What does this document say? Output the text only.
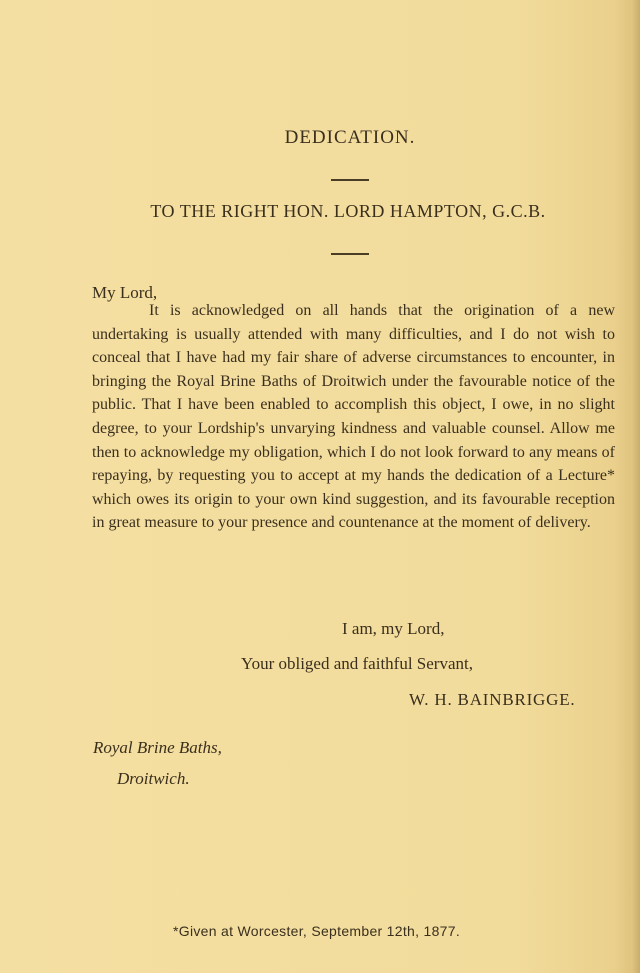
DEDICATION.
TO THE RIGHT HON. LORD HAMPTON, G.C.B.
My Lord,
It is acknowledged on all hands that the origination of a new undertaking is usually attended with many difficulties, and I do not wish to conceal that I have had my fair share of adverse circumstances to encounter, in bringing the Royal Brine Baths of Droitwich under the favourable notice of the public. That I have been enabled to accomplish this object, I owe, in no slight degree, to your Lordship's unvarying kindness and valuable counsel. Allow me then to acknowledge my obligation, which I do not look forward to any means of repaying, by requesting you to accept at my hands the dedication of a Lecture* which owes its origin to your own kind suggestion, and its favourable reception in great measure to your presence and countenance at the moment of delivery.
I am, my Lord,
Your obliged and faithful Servant,
W. H. BAINBRIGGE.
Royal Brine Baths,
Droitwich.
*Given at Worcester, September 12th, 1877.
